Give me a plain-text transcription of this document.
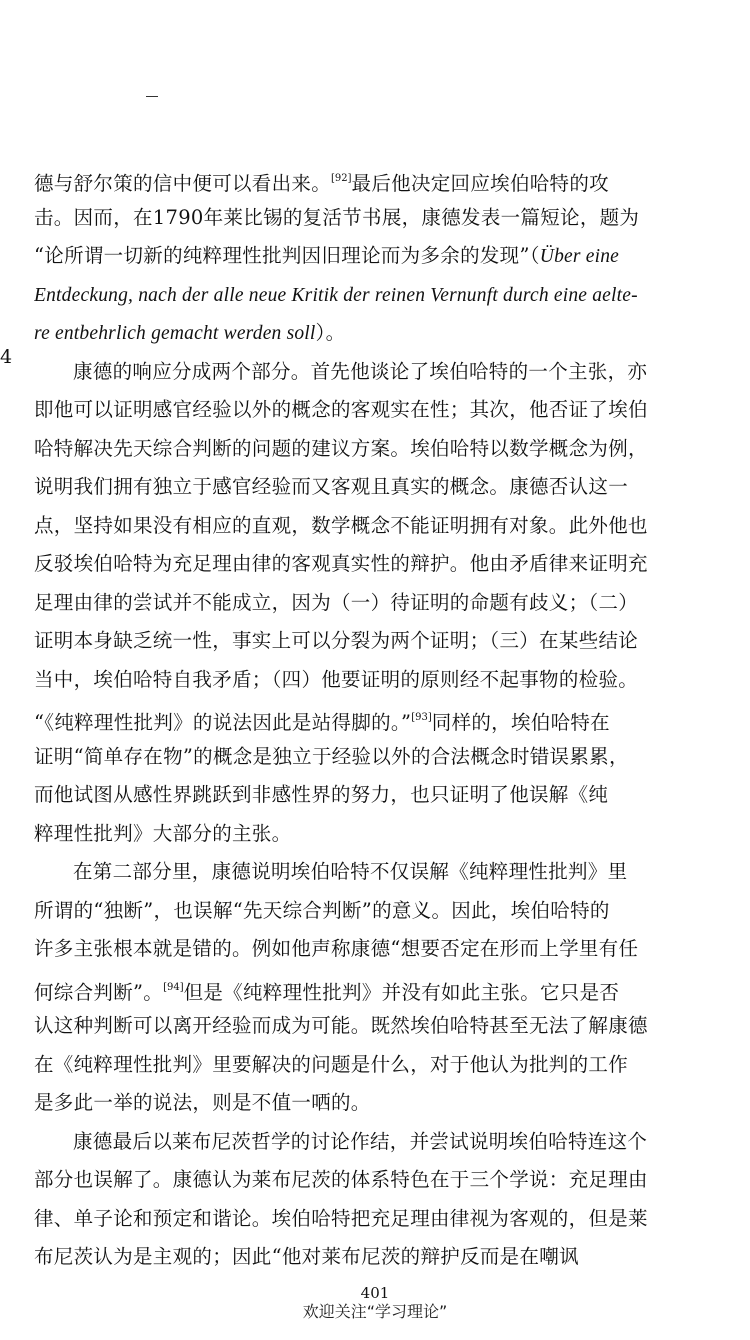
4
德与舒尔策的信中便可以看出来。[92]最后他决定回应埃伯哈特的攻
击。因而，在1790年莱比锡的复活节书展，康德发表一篇短论，题为
“论所谓一切新的纯粹理性批判因旧理论而为多余的发现”（Über eine
Entdeckung, nach der alle neue Kritik der reinen Vernunft durch eine aelte-
re entbehrlich gemacht werden soll）。
康德的响应分成两个部分。首先他谈论了埃伯哈特的一个主张，亦
即他可以证明感官经验以外的概念的客观实在性；其次，他否证了埃伯
哈特解决先天综合判断的问题的建议方案。埃伯哈特以数学概念为例，
说明我们拥有独立于感官经验而又客观且真实的概念。康德否认这一
点，坚持如果没有相应的直观，数学概念不能证明拥有对象。此外他也
反驳埃伯哈特为充足理由律的客观真实性的辩护。他由矛盾律来证明充
足理由律的尝试并不能成立，因为（一）待证明的命题有歧义；（二）
证明本身缺乏统一性，事实上可以分裂为两个证明；（三）在某些结论
当中，埃伯哈特自我矛盾；（四）他要证明的原则经不起事物的检验。
“《纯粹理性批判》的说法因此是站得脚的。”[93]同样的，埃伯哈特在
证明“简单存在物”的概念是独立于经验以外的合法概念时错误累累，
而他试图从感性界跳跃到非感性界的努力，也只证明了他误解《纯
粹理性批判》大部分的主张。
在第二部分里，康德说明埃伯哈特不仅误解《纯粹理性批判》里
所谓的“独断”，也误解“先天综合判断”的意义。因此，埃伯哈特的
许多主张根本就是错的。例如他声称康德“想要否定在形而上学里有任
何综合判断”。[94]但是《纯粹理性批判》并没有如此主张。它只是否
认这种判断可以离开经验而成为可能。既然埃伯哈特甚至无法了解康德
在《纯粹理性批判》里要解决的问题是什么，对于他认为批判的工作
是多此一举的说法，则是不值一哂的。
康德最后以莱布尼茨哲学的讨论作结，并尝试说明埃伯哈特连这个
部分也误解了。康德认为莱布尼茨的体系特色在于三个学说：充足理由
律、单子论和预定和谐论。埃伯哈特把充足理由律视为客观的，但是莱
布尼茨认为是主观的；因此“他对莱布尼茨的辩护反而是在嘲讽
401
欢迎关注“学习理论”
